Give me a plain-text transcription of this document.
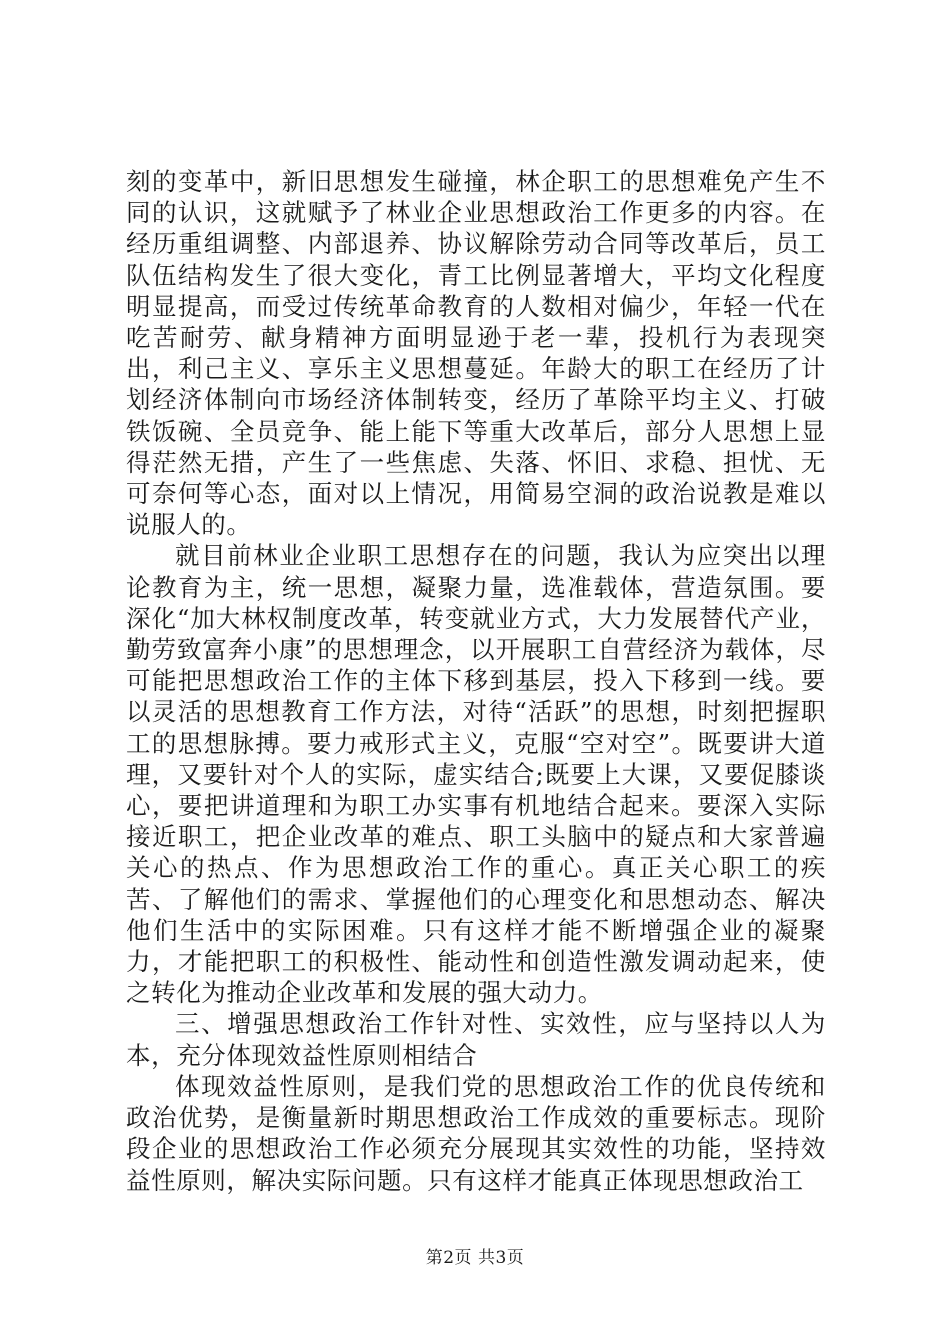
刻的变革中，新旧思想发生碰撞，林企职工的思想难免产生不同的认识，这就赋予了林业企业思想政治工作更多的内容。在经历重组调整、内部退养、协议解除劳动合同等改革后，员工队伍结构发生了很大变化，青工比例显著增大，平均文化程度明显提高，而受过传统革命教育的人数相对偏少，年轻一代在吃苦耐劳、献身精神方面明显逊于老一辈，投机行为表现突出，利己主义、享乐主义思想蔓延。年龄大的职工在经历了计划经济体制向市场经济体制转变，经历了革除平均主义、打破铁饭碗、全员竞争、能上能下等重大改革后，部分人思想上显得茫然无措，产生了一些焦虑、失落、怀旧、求稳、担忧、无可奈何等心态，面对以上情况，用简易空洞的政治说教是难以说服人的。

就目前林业企业职工思想存在的问题，我认为应突出以理论教育为主，统一思想，凝聚力量，选准载体，营造氛围。要深化“加大林权制度改革，转变就业方式，大力发展替代产业，勤劳致富奔小康”的思想理念，以开展职工自营经济为载体，尽可能把思想政治工作的主体下移到基层，投入下移到一线。要以灵活的思想教育工作方法，对待“活跃”的思想，时刻把握职工的思想脉搏。要力戒形式主义，克服“空对空”。既要讲大道理，又要针对个人的实际，虚实结合;既要上大课，又要促膝谈心，要把讲道理和为职工办实事有机地结合起来。要深入实际接近职工，把企业改革的难点、职工头脑中的疑点和大家普遍关心的热点、作为思想政治工作的重心。真正关心职工的疾苦、了解他们的需求、掌握他们的心理变化和思想动态、解决他们生活中的实际困难。只有这样才能不断增强企业的凝聚力，才能把职工的积极性、能动性和创造性激发调动起来，使之转化为推动企业改革和发展的强大动力。

三、增强思想政治工作针对性、实效性，应与坚持以人为本，充分体现效益性原则相结合

体现效益性原则，是我们党的思想政治工作的优良传统和政治优势，是衡量新时期思想政治工作成效的重要标志。现阶段企业的思想政治工作必须充分展现其实效性的功能，坚持效益性原则，解决实际问题。只有这样才能真正体现思想政治工

第2页 共3页
